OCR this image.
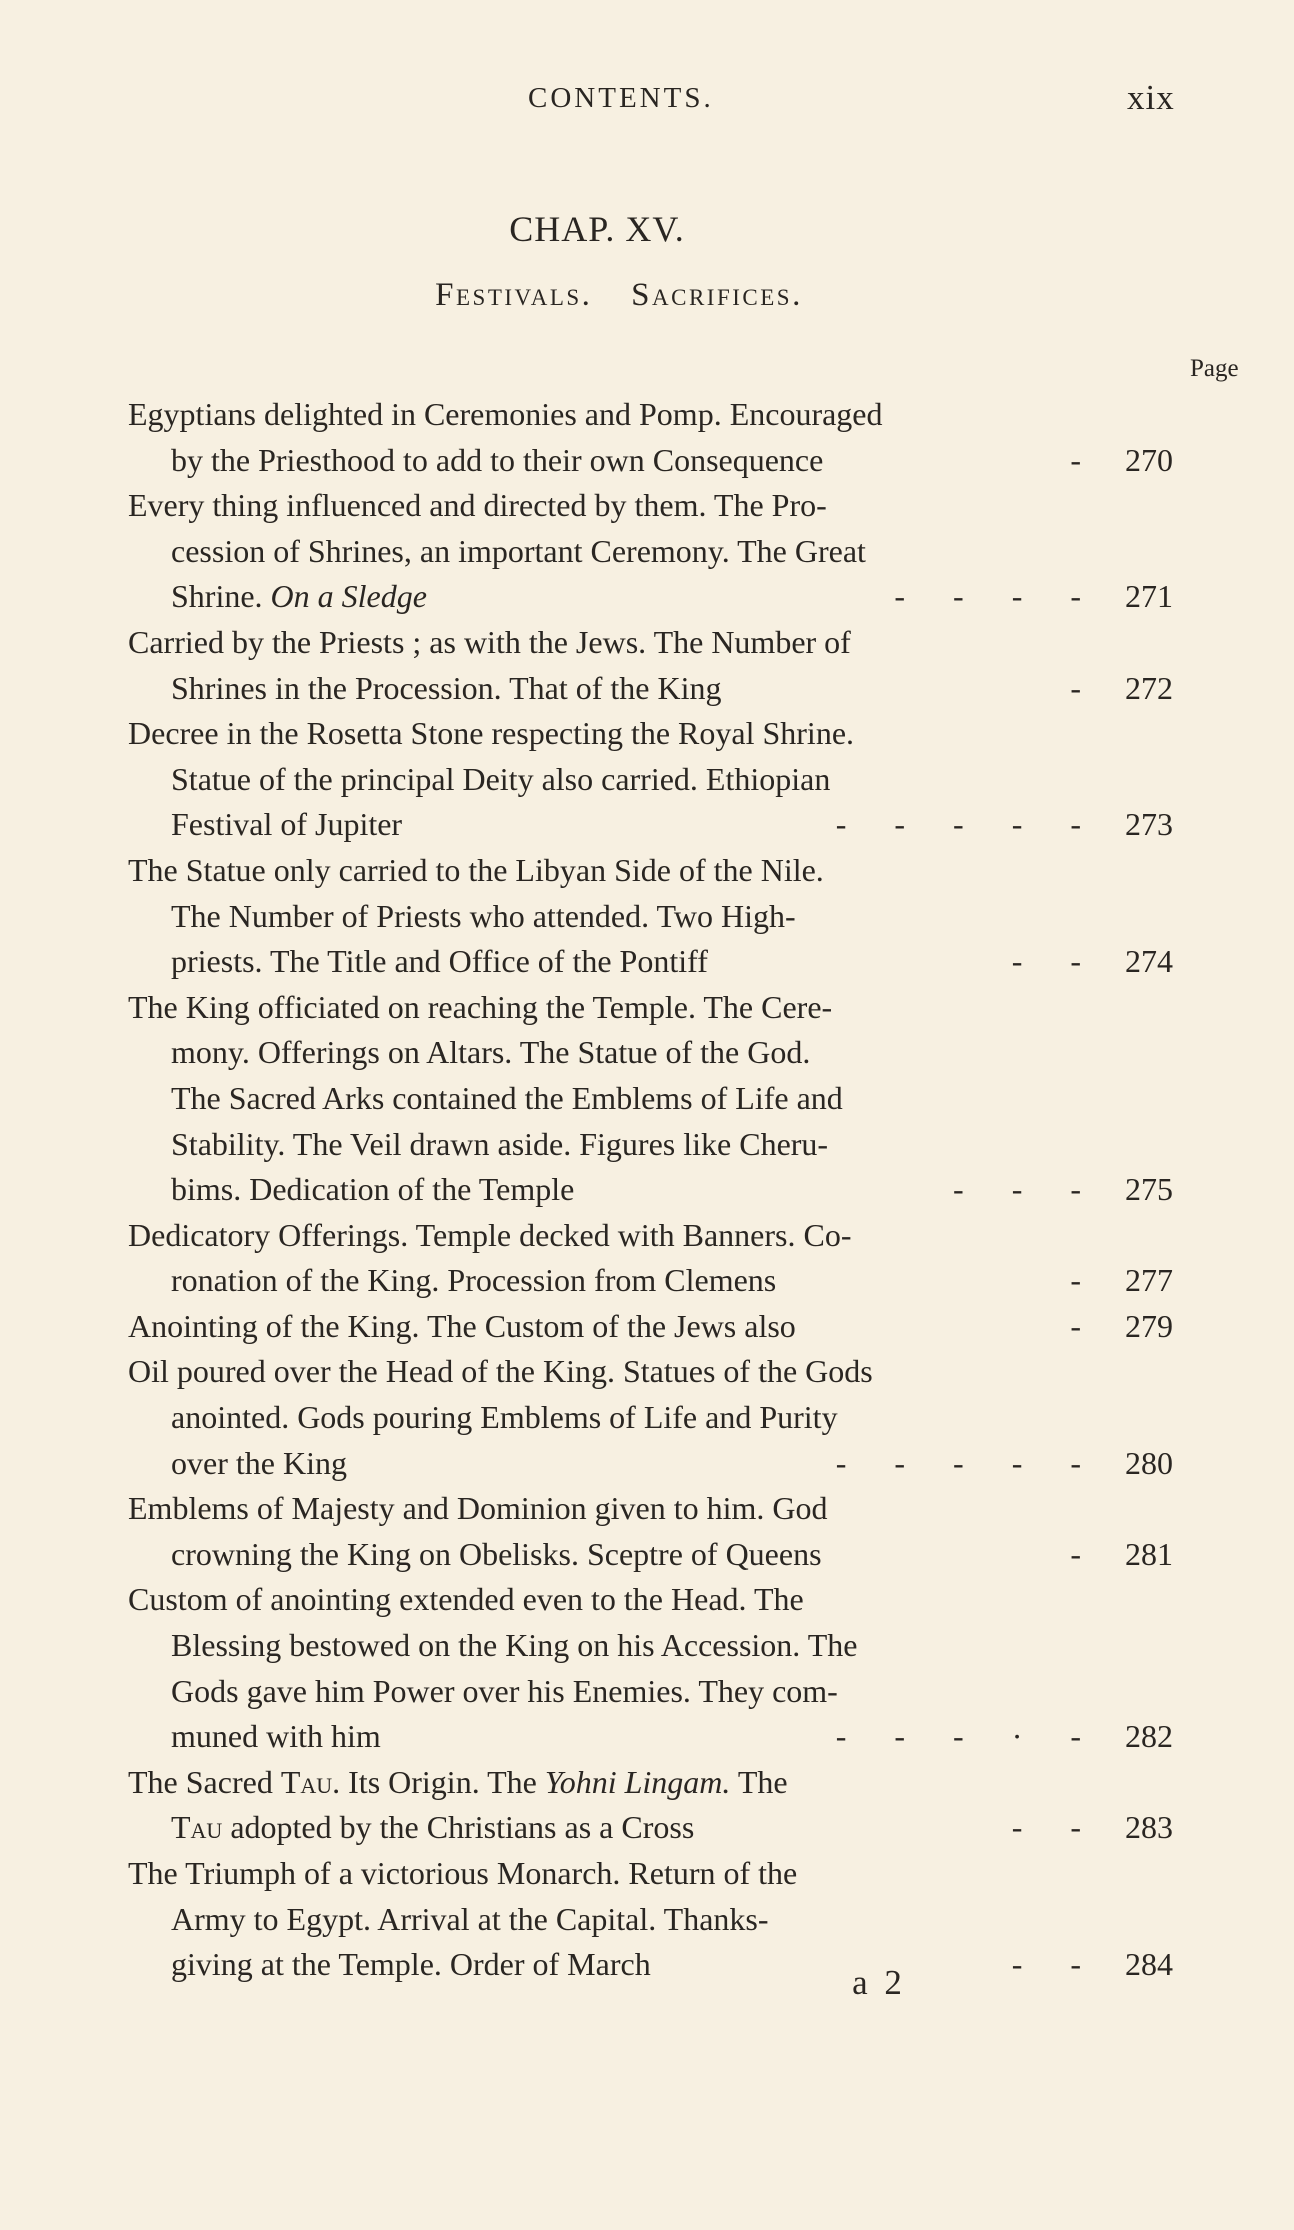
CONTENTS.	xix
CHAP. XV.
Festivals. Sacrifices.
Page
Egyptians delighted in Ceremonies and Pomp. Encouraged
by the Priesthood to add to their own Consequence	-	270
Every thing influenced and directed by them. The Pro-
cession of Shrines, an important Ceremony. The Great
Shrine. On a Sledge	-      -      -      -	271
Carried by the Priests ; as with the Jews. The Number of
Shrines in the Procession. That of the King	-	272
Decree in the Rosetta Stone respecting the Royal Shrine.
Statue of the principal Deity also carried. Ethiopian
Festival of Jupiter	-      -      -      -      -	273
The Statue only carried to the Libyan Side of the Nile.
The Number of Priests who attended. Two High-
priests. The Title and Office of the Pontiff	-      -	274
The King officiated on reaching the Temple. The Cere-
mony. Offerings on Altars. The Statue of the God.
The Sacred Arks contained the Emblems of Life and
Stability. The Veil drawn aside. Figures like Cheru-
bims. Dedication of the Temple	-      -      -	275
Dedicatory Offerings. Temple decked with Banners. Co-
ronation of the King. Procession from Clemens	-	277
Anointing of the King. The Custom of the Jews also	-	279
Oil poured over the Head of the King. Statues of the Gods
anointed. Gods pouring Emblems of Life and Purity
over the King	-      -      -      -      -	280
Emblems of Majesty and Dominion given to him. God
crowning the King on Obelisks. Sceptre of Queens	-	281
Custom of anointing extended even to the Head. The
Blessing bestowed on the King on his Accession. The
Gods gave him Power over his Enemies. They com-
muned with him	-      -      -      ·      -	282
The Sacred Tau. Its Origin. The Yohni Lingam. The
Tau adopted by the Christians as a Cross	-      -	283
The Triumph of a victorious Monarch. Return of the
Army to Egypt. Arrival at the Capital. Thanks-
giving at the Temple. Order of March	-      -	284
a 2
